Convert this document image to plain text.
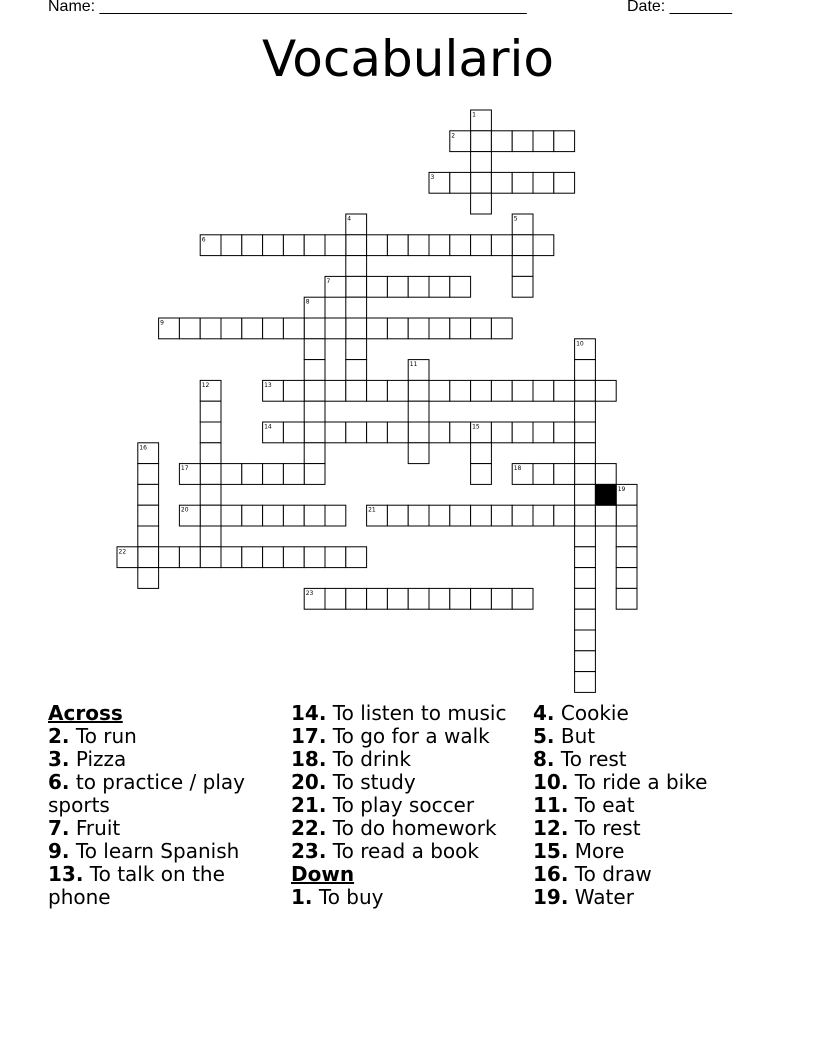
Name: ________________________________________________	Date: _______
Vocabulario
1
2
3
4	5
6
7
8
9
10
11
12	13
14	15
16
17	18
19
20	21
22
23
Across
2. To run
3. Pizza
6. to practice / play sports
7. Fruit
9. To learn Spanish
13. To talk on the phone
14. To listen to music
17. To go for a walk
18. To drink
20. To study
21. To play soccer
22. To do homework
23. To read a book
Down
1. To buy
4. Cookie
5. But
8. To rest
10. To ride a bike
11. To eat
12. To rest
15. More
16. To draw
19. Water
